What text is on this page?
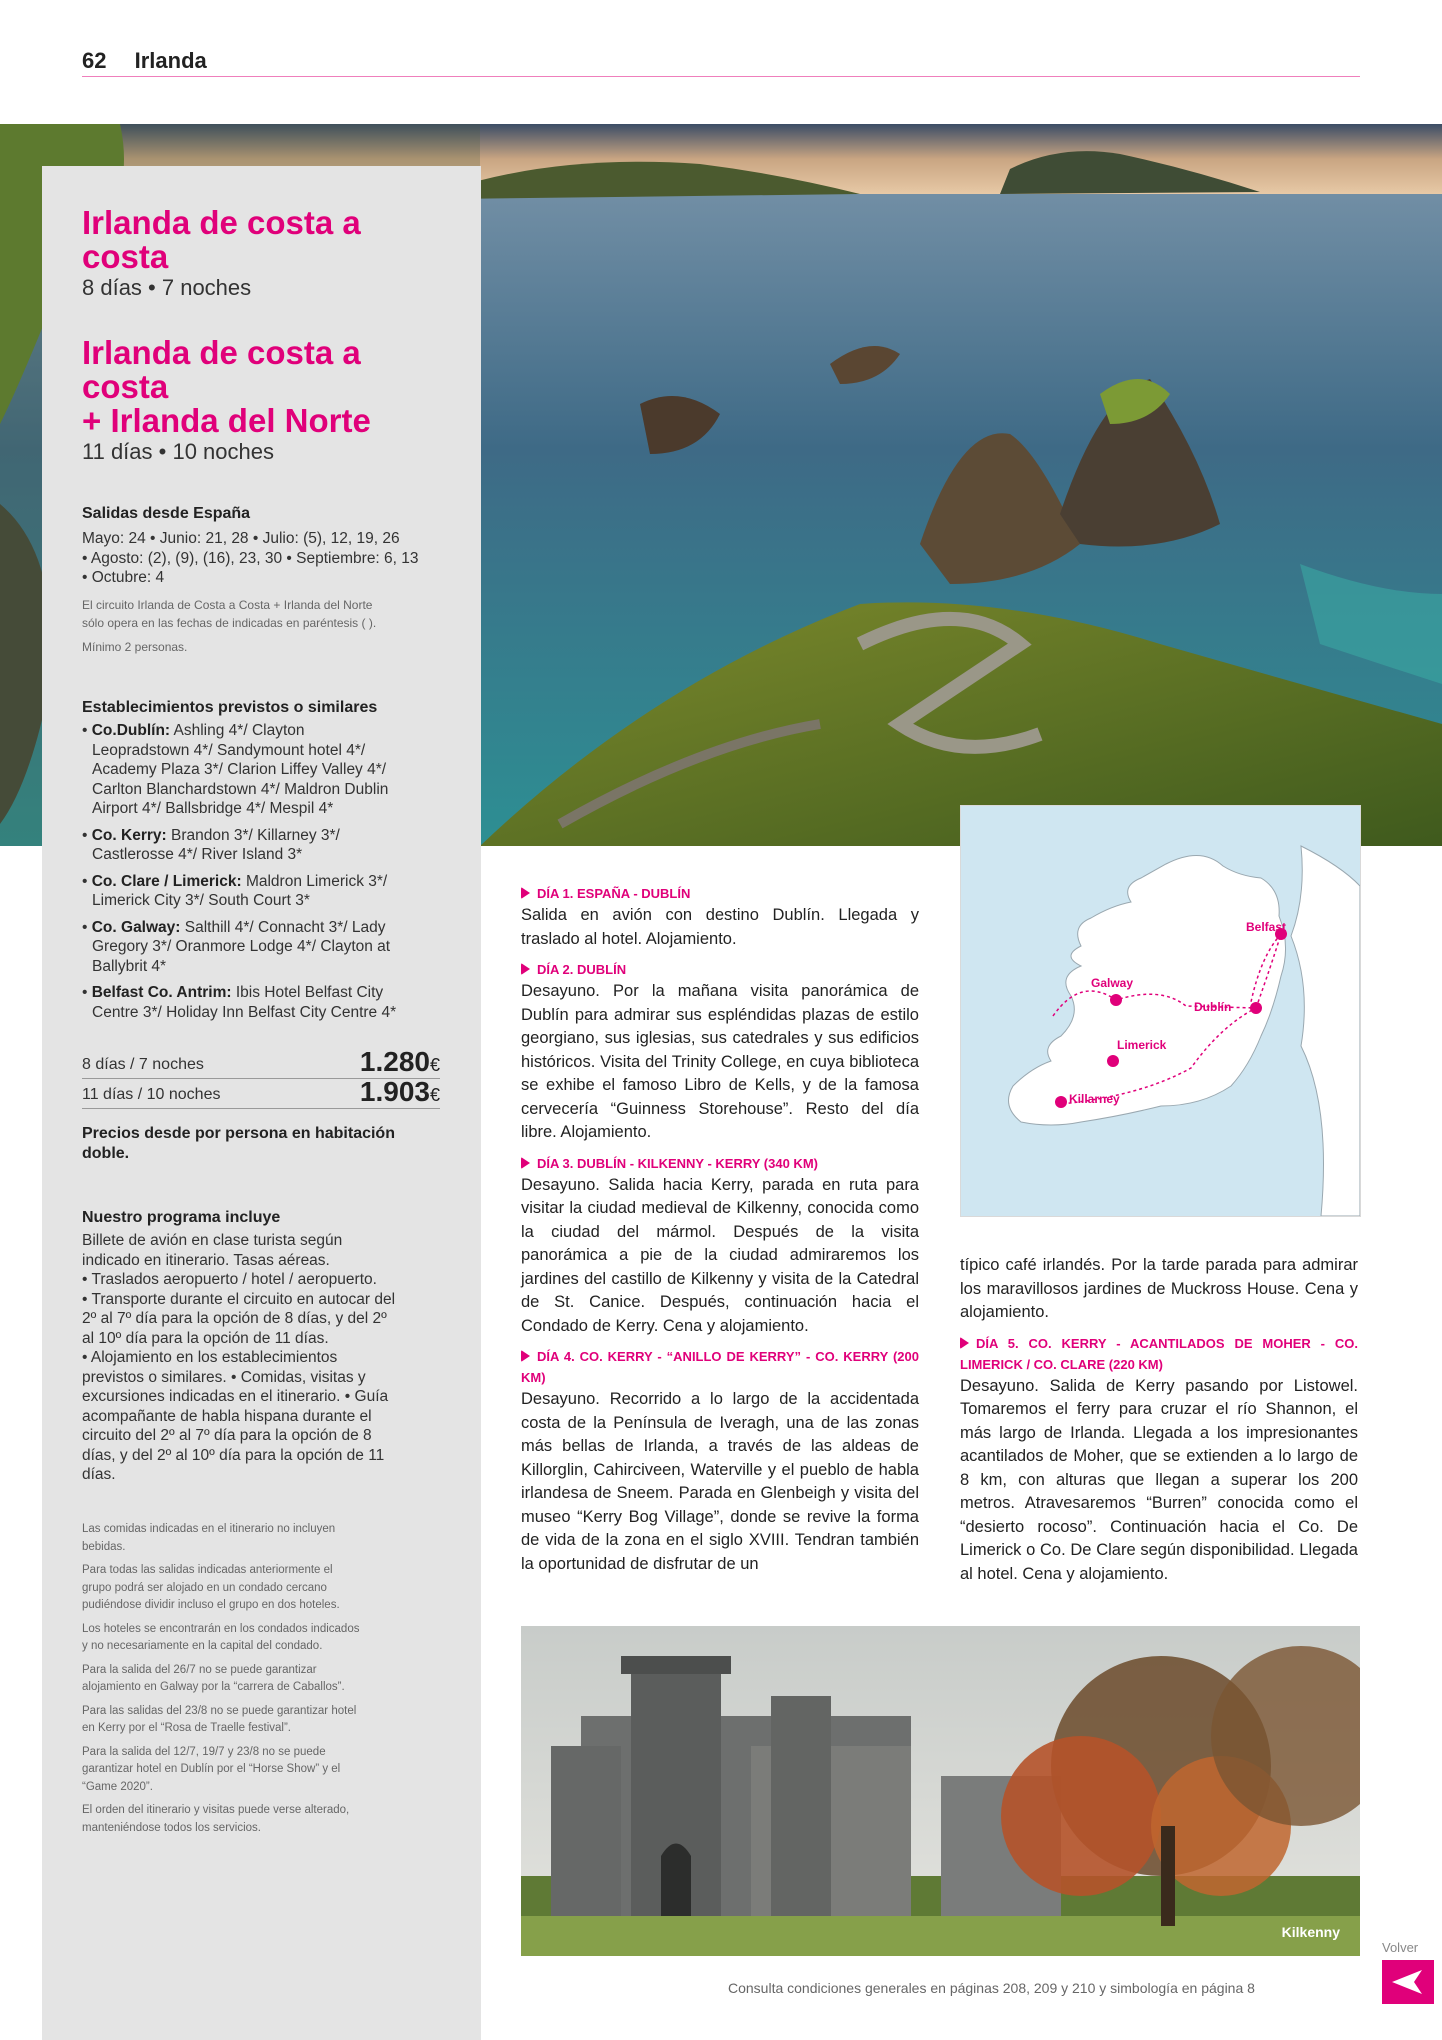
62 Irlanda
Irlanda de costa a
costa
8 días • 7 noches
Irlanda de costa a
costa
+ Irlanda del Norte
11 días • 10 noches
Salidas desde España
Mayo: 24 • Junio: 21, 28 • Julio: (5), 12, 19, 26
• Agosto: (2), (9), (16), 23, 30 • Septiembre: 6, 13
• Octubre: 4
El circuito Irlanda de Costa a Costa + Irlanda del Norte
sólo opera en las fechas de indicadas en paréntesis ( ).
Mínimo 2 personas.
Establecimientos previstos o similares
• Co.Dublín: Ashling 4*/ Clayton
Leopradstown 4*/ Sandymount hotel 4*/
Academy Plaza 3*/ Clarion Liffey Valley 4*/
Carlton Blanchardstown 4*/ Maldron Dublin
Airport 4*/ Ballsbridge 4*/ Mespil 4*
• Co. Kerry: Brandon 3*/ Killarney 3*/
Castlerosse 4*/ River Island 3*
• Co. Clare / Limerick: Maldron Limerick 3*/
Limerick City 3*/ South Court 3*
• Co. Galway: Salthill 4*/ Connacht 3*/ Lady
Gregory 3*/ Oranmore Lodge 4*/ Clayton at
Ballybrit 4*
• Belfast Co. Antrim: Ibis Hotel Belfast City
Centre 3*/ Holiday Inn Belfast City Centre 4*
8 días / 7 noches	1.280€
11 días / 10 noches	1.903€
Precios desde por persona en habitación
doble.
Nuestro programa incluye
Billete de avión en clase turista según
indicado en itinerario. Tasas aéreas.
• Traslados aeropuerto / hotel / aeropuerto.
• Transporte durante el circuito en autocar del
2º al 7º día para la opción de 8 días, y del 2º
al 10º día para la opción de 11 días.
• Alojamiento en los establecimientos
previstos o similares. • Comidas, visitas y
excursiones indicadas en el itinerario. • Guía
acompañante de habla hispana durante el
circuito del 2º al 7º día para la opción de 8
días, y del 2º al 10º día para la opción de 11
días.
Las comidas indicadas en el itinerario no incluyen
bebidas.
Para todas las salidas indicadas anteriormente el
grupo podrá ser alojado en un condado cercano
pudiéndose dividir incluso el grupo en dos hoteles.
Los hoteles se encontrarán en los condados indicados
y no necesariamente en la capital del condado.
Para la salida del 26/7 no se puede garantizar
alojamiento en Galway por la “carrera de Caballos”.
Para las salidas del 23/8 no se puede garantizar hotel
en Kerry por el “Rosa de Traelle festival”.
Para la salida del 12/7, 19/7 y 23/8 no se puede
garantizar hotel en Dublín por el “Horse Show” y el
“Game 2020”.
El orden del itinerario y visitas puede verse alterado,
manteniéndose todos los servicios.
DÍA 1. ESPAÑA - DUBLÍN

Salida en avión con destino Dublín. Llegada y traslado al hotel. Alojamiento.

DÍA 2. DUBLÍN

Desayuno. Por la mañana visita panorámica de Dublín para admirar sus espléndidas plazas de estilo georgiano, sus iglesias, sus catedrales y sus edificios históricos. Visita del Trinity College, en cuya biblioteca se exhibe el famoso Libro de Kells, y de la famosa cervecería “Guinness Storehouse”. Resto del día libre. Alojamiento.

DÍA 3. DUBLÍN - KILKENNY - KERRY (340 KM)

Desayuno. Salida hacia Kerry, parada en ruta para visitar la ciudad medieval de Kilkenny, conocida como la ciudad del mármol. Después de la visita panorámica a pie de la ciudad admiraremos los jardines del castillo de Kilkenny y visita de la Catedral de St. Canice. Después, continuación hacia el Condado de Kerry. Cena y alojamiento.

DÍA 4. CO. KERRY - “ANILLO DE KERRY” - CO. KERRY (200 KM)

Desayuno. Recorrido a lo largo de la accidentada costa de la Península de Iveragh, una de las zonas más bellas de Irlanda, a través de las aldeas de Killorglin, Cahirciveen, Waterville y el pueblo de habla irlandesa de Sneem. Parada en Glenbeigh y visita del museo “Kerry Bog Village”, donde se revive la forma de vida de la zona en el siglo XVIII. Tendran también la oportunidad de disfrutar de un

Belfast
Galway
Dublín
Limerick
Killarney

típico café irlandés. Por la tarde parada para admirar los maravillosos jardines de Muckross House. Cena y alojamiento.

DÍA 5. CO. KERRY - ACANTILADOS DE MOHER - CO. LIMERICK / CO. CLARE (220 KM)

Desayuno. Salida de Kerry pasando por Listowel. Tomaremos el ferry para cruzar el río Shannon, el más largo de Irlanda. Llegada a los impresionantes acantilados de Moher, que se extienden a lo largo de 8 km, con alturas que llegan a superar los 200 metros. Atravesaremos “Burren” conocida como el “desierto rocoso”. Continuación hacia el Co. De Limerick o Co. De Clare según disponibilidad. Llegada al hotel. Cena y alojamiento.

Kilkenny
Consulta condiciones generales en páginas 208, 209 y 210 y simbología en página 8
Volver
